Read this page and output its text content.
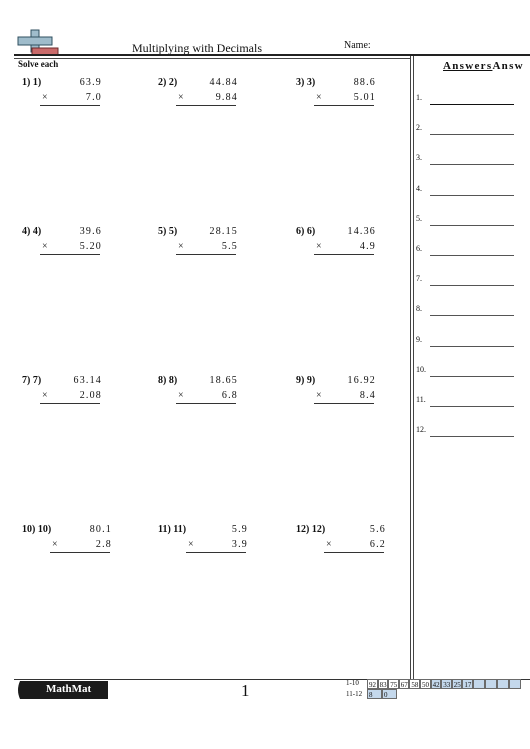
Multiplying with Decimals	Name:
Solve each	AnswersAnsw
1.
2.
3.
4.
5.
6.
7.
8.
9.
10.
11.
12.
1) 1)	63.9
×	7.0
2) 2)	44.84
×	9.84
3) 3)	88.6
×	5.01
4) 4)	39.6
×	5.20
5) 5)	28.15
×	5.5
6) 6)	14.36
×	4.9
7) 7)	63.14
×	2.08
8) 8)	18.65
×	6.8
9) 9)	16.92
×	8.4
10) 10)	80.1
×	2.8
11) 11)	5.9
×	3.9
12) 12)	5.6
×	6.2
MathMat	1	1-10
11-12
92 83 75 67 58 50 42 33 25 17
8	0
